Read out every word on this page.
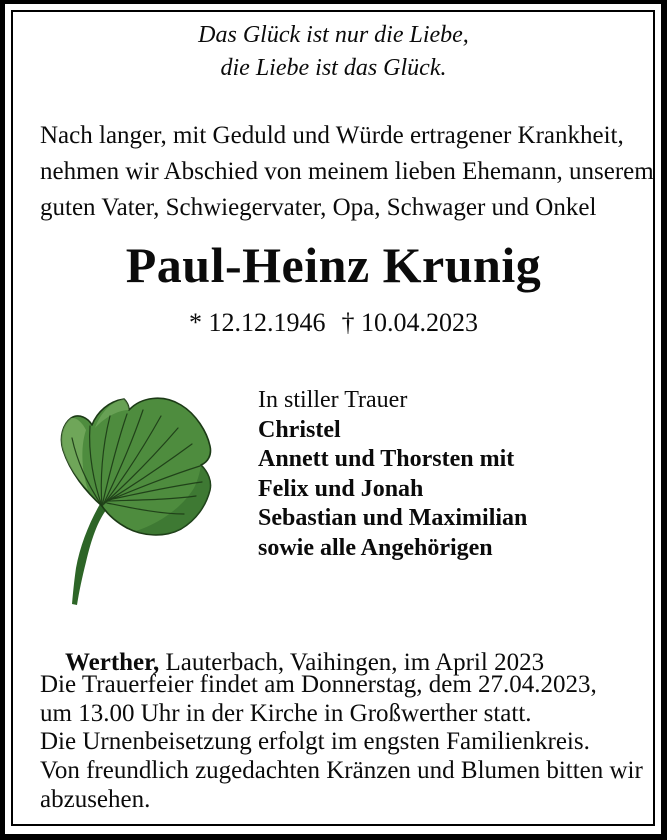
Das Glück ist nur die Liebe,
die Liebe ist das Glück.
Nach langer, mit Geduld und Würde ertragener Krankheit,
nehmen wir Abschied von meinem lieben Ehemann, unserem
guten Vater, Schwiegervater, Opa, Schwager und Onkel
Paul-Heinz Krunig
* 12.12.1946 † 10.04.2023
In stiller Trauer
Christel
Annett und Thorsten mit
Felix und Jonah
Sebastian und Maximilian
sowie alle Angehörigen

Werther, Lauterbach, Vaihingen, im April 2023

Die Trauerfeier findet am Donnerstag, dem 27.04.2023,
um 13.00 Uhr in der Kirche in Großwerther statt.
Die Urnenbeisetzung erfolgt im engsten Familienkreis.
Von freundlich zugedachten Kränzen und Blumen bitten wir
abzusehen.
